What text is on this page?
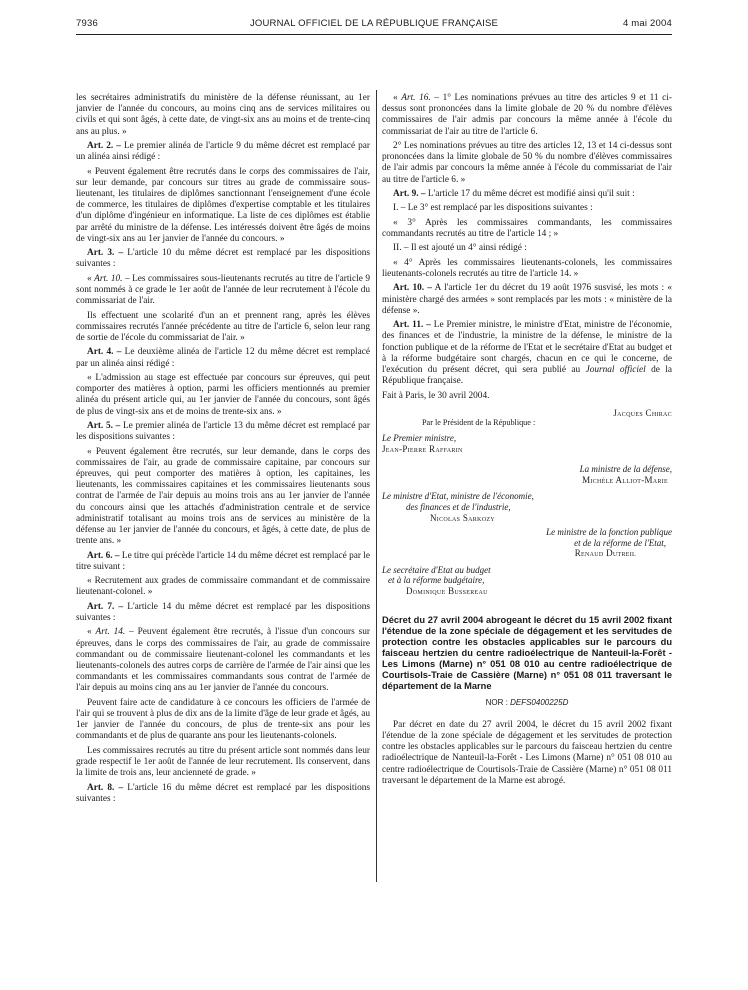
7936	JOURNAL OFFICIEL DE LA RÉPUBLIQUE FRANÇAISE	4 mai 2004

les secrétaires administratifs du ministère de la défense réunissant, au 1er janvier de l'année du concours, au moins cinq ans de services militaires ou civils et qui sont âgés, à cette date, de vingt-six ans au moins et de trente-cinq ans au plus. »

Art. 2. – Le premier alinéa de l'article 9 du même décret est remplacé par un alinéa ainsi rédigé :

« Peuvent également être recrutés dans le corps des commissaires de l'air, sur leur demande, par concours sur titres au grade de commissaire sous-lieutenant, les titulaires de diplômes sanctionnant l'enseignement d'une école de commerce, les titulaires de diplômes d'expertise comptable et les titulaires d'un diplôme d'ingénieur en informatique. La liste de ces diplômes est établie par arrêté du ministre de la défense. Les intéressés doivent être âgés de moins de vingt-six ans au 1er janvier de l'année du concours. »

Art. 3. – L'article 10 du même décret est remplacé par les dispositions suivantes :

« Art. 10. – Les commissaires sous-lieutenants recrutés au titre de l'article 9 sont nommés à ce grade le 1er août de l'année de leur recrutement à l'école du commissariat de l'air.

Ils effectuent une scolarité d'un an et prennent rang, après les élèves commissaires recrutés l'année précédente au titre de l'article 6, selon leur rang de sortie de l'école du commissariat de l'air. »

Art. 4. – Le deuxième alinéa de l'article 12 du même décret est remplacé par un alinéa ainsi rédigé :

« L'admission au stage est effectuée par concours sur épreuves, qui peut comporter des matières à option, parmi les officiers mentionnés au premier alinéa du présent article qui, au 1er janvier de l'année du concours, sont âgés de plus de vingt-six ans et de moins de trente-six ans. »

Art. 5. – Le premier alinéa de l'article 13 du même décret est remplacé par les dispositions suivantes :

« Peuvent également être recrutés, sur leur demande, dans le corps des commissaires de l'air, au grade de commissaire capitaine, par concours sur épreuves, qui peut comporter des matières à option, les capitaines, les lieutenants, les commissaires capitaines et les commissaires lieutenants sous contrat de l'armée de l'air depuis au moins trois ans au 1er janvier de l'année du concours ainsi que les attachés d'administration centrale et de service administratif totalisant au moins trois ans de services au ministère de la défense au 1er janvier de l'année du concours, et âgés, à cette date, de plus de trente ans. »

Art. 6. – Le titre qui précède l'article 14 du même décret est remplacé par le titre suivant :

« Recrutement aux grades de commissaire commandant et de commissaire lieutenant-colonel. »

Art. 7. – L'article 14 du même décret est remplacé par les dispositions suivantes :

« Art. 14. – Peuvent également être recrutés, à l'issue d'un concours sur épreuves, dans le corps des commissaires de l'air, au grade de commissaire commandant ou de commissaire lieutenant-colonel les commandants et les lieutenants-colonels des autres corps de carrière de l'armée de l'air ainsi que les commandants et les commissaires commandants sous contrat de l'armée de l'air depuis au moins cinq ans au 1er janvier de l'année du concours.

Peuvent faire acte de candidature à ce concours les officiers de l'armée de l'air qui se trouvent à plus de dix ans de la limite d'âge de leur grade et âgés, au 1er janvier de l'année du concours, de plus de trente-six ans pour les commandants et de plus de quarante ans pour les lieutenants-colonels.

Les commissaires recrutés au titre du présent article sont nommés dans leur grade respectif le 1er août de l'année de leur recrutement. Ils conservent, dans la limite de trois ans, leur ancienneté de grade. »

Art. 8. – L'article 16 du même décret est remplacé par les dispositions suivantes :

« Art. 16. – 1° Les nominations prévues au titre des articles 9 et 11 ci-dessus sont prononcées dans la limite globale de 20 % du nombre d'élèves commissaires de l'air admis par concours la même année à l'école du commissariat de l'air au titre de l'article 6.

2° Les nominations prévues au titre des articles 12, 13 et 14 ci-dessus sont prononcées dans la limite globale de 50 % du nombre d'élèves commissaires de l'air admis par concours la même année à l'école du commissariat de l'air au titre de l'article 6. »

Art. 9. – L'article 17 du même décret est modifié ainsi qu'il suit :

I. – Le 3° est remplacé par les dispositions suivantes :

« 3° Après les commissaires commandants, les commissaires commandants recrutés au titre de l'article 14 ; »

II. – Il est ajouté un 4° ainsi rédigé :

« 4° Après les commissaires lieutenants-colonels, les commissaires lieutenants-colonels recrutés au titre de l'article 14. »

Art. 10. – A l'article 1er du décret du 19 août 1976 susvisé, les mots : « ministère chargé des armées » sont remplacés par les mots : « ministère de la défense ».

Art. 11. – Le Premier ministre, le ministre d'Etat, ministre de l'économie, des finances et de l'industrie, la ministre de la défense, le ministre de la fonction publique et de la réforme de l'Etat et le secrétaire d'Etat au budget et à la réforme budgétaire sont chargés, chacun en ce qui le concerne, de l'exécution du présent décret, qui sera publié au Journal officiel de la République française.

Fait à Paris, le 30 avril 2004.

Jacques Chirac
Par le Président de la République :
Le Premier ministre,
Jean-Pierre Raffarin
La ministre de la défense,
Michèle Alliot-Marie
Le ministre d'Etat, ministre de l'économie,
des finances et de l'industrie,
Nicolas Sarkozy
Le ministre de la fonction publique
et de la réforme de l'Etat,
Renaud Dutreil
Le secrétaire d'Etat au budget
et à la réforme budgétaire,
Dominique Bussereau
Décret du 27 avril 2004 abrogeant le décret du 15 avril 2002 fixant l'étendue de la zone spéciale de dégagement et les servitudes de protection contre les obstacles applicables sur le parcours du faisceau hertzien du centre radioélectrique de Nanteuil-la-Forêt - Les Limons (Marne) n° 051 08 010 au centre radioélectrique de Courtisols-Traie de Cassière (Marne) n° 051 08 011 traversant le département de la Marne
NOR : DEFS0400225D

Par décret en date du 27 avril 2004, le décret du 15 avril 2002 fixant l'étendue de la zone spéciale de dégagement et les servitudes de protection contre les obstacles applicables sur le parcours du faisceau hertzien du centre radioélectrique de Nanteuil-la-Forêt - Les Limons (Marne) n° 051 08 010 au centre radioélectrique de Courtisols-Traie de Cassière (Marne) n° 051 08 011 traversant le département de la Marne est abrogé.
